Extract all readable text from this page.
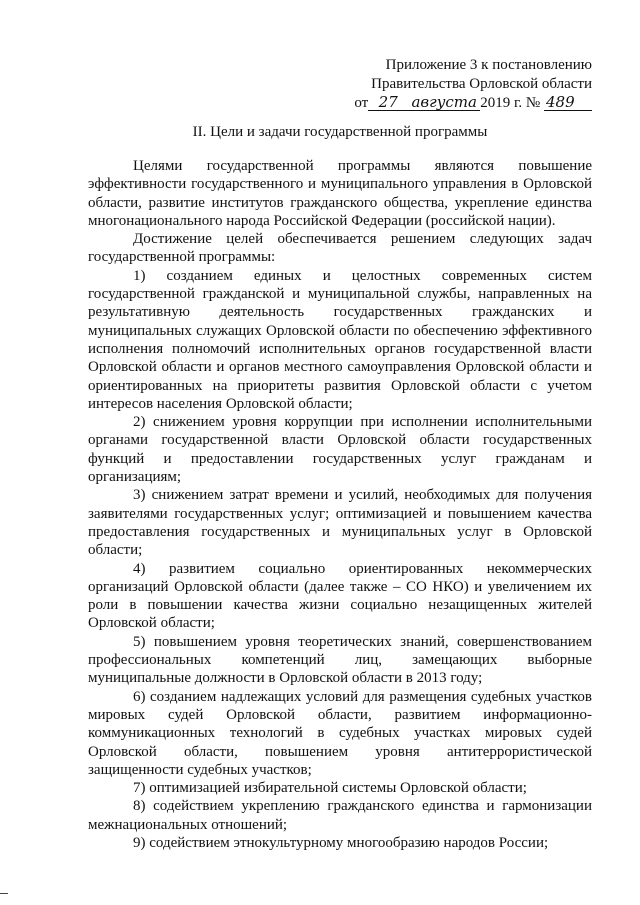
Приложение 3 к постановлению
Правительства Орловской области
от 27 августа 2019 г. № 489
II. Цели и задачи государственной программы

Целями государственной программы являются повышение эффективности государственного и муниципального управления в Орловской области, развитие институтов гражданского общества, укрепление единства многонационального народа Российской Федерации (российской нации).

Достижение целей обеспечивается решением следующих задач государственной программы:

1) созданием единых и целостных современных систем государственной гражданской и муниципальной службы, направленных на результативную деятельность государственных гражданских и муниципальных служащих Орловской области по обеспечению эффективного исполнения полномочий исполнительных органов государственной власти Орловской области и органов местного самоуправления Орловской области и ориентированных на приоритеты развития Орловской области с учетом интересов населения Орловской области;

2) снижением уровня коррупции при исполнении исполнительными органами государственной власти Орловской области государственных функций и предоставлении государственных услуг гражданам и организациям;

3) снижением затрат времени и усилий, необходимых для получения заявителями государственных услуг; оптимизацией и повышением качества предоставления государственных и муниципальных услуг в Орловской области;

4) развитием социально ориентированных некоммерческих организаций Орловской области (далее также – СО НКО) и увеличением их роли в повышении качества жизни социально незащищенных жителей Орловской области;

5) повышением уровня теоретических знаний, совершенствованием профессиональных компетенций лиц, замещающих выборные муниципальные должности в Орловской области в 2013 году;

6) созданием надлежащих условий для размещения судебных участков мировых судей Орловской области, развитием информационно-коммуникационных технологий в судебных участках мировых судей Орловской области, повышением уровня антитеррористической защищенности судебных участков;

7) оптимизацией избирательной системы Орловской области;

8) содействием укреплению гражданского единства и гармонизации межнациональных отношений;

9) содействием этнокультурному многообразию народов России;
